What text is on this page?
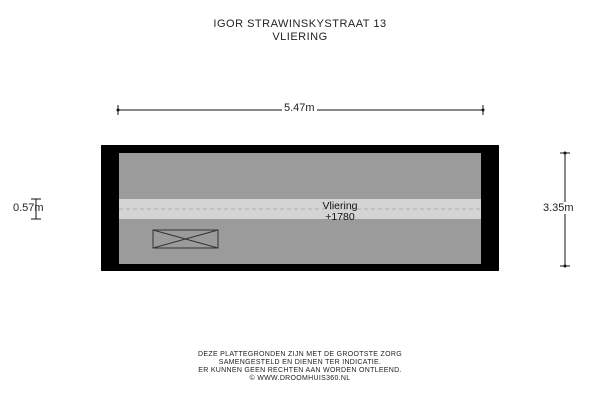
IGOR STRAWINSKYSTRAAT 13
VLIERING
5.47m
3.35m
0.57m	Vliering
+1780
DEZE PLATTEGRONDEN ZIJN MET DE GROOTSTE ZORG
SAMENGESTELD EN DIENEN TER INDICATIE.
ER KUNNEN GEEN RECHTEN AAN WORDEN ONTLEEND.
© WWW.DROOMHUIS360.NL
